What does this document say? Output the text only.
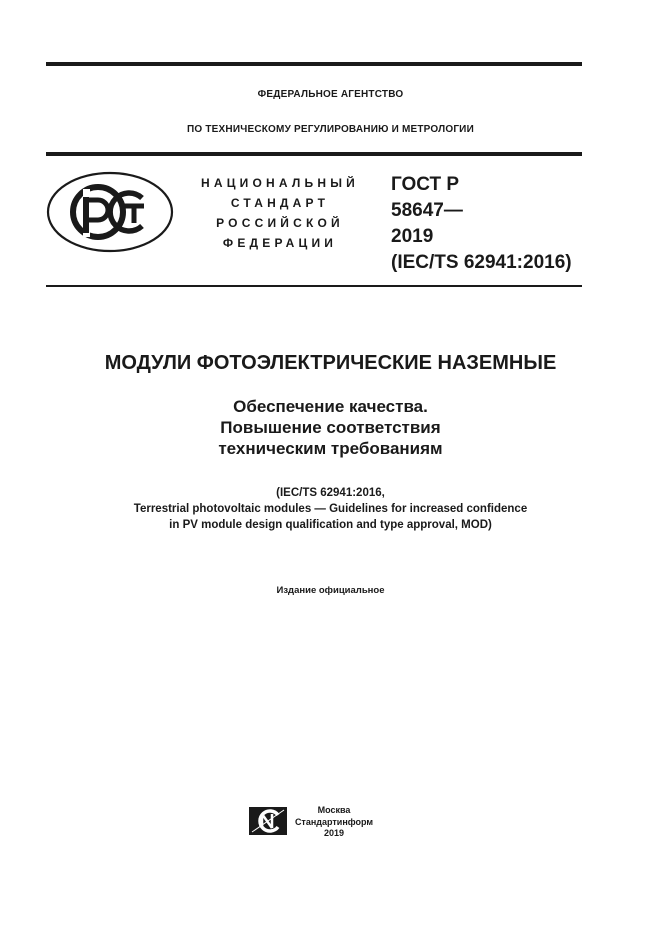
ФЕДЕРАЛЬНОЕ АГЕНТСТВО
ПО ТЕХНИЧЕСКОМУ РЕГУЛИРОВАНИЮ И МЕТРОЛОГИИ
НАЦИОНАЛЬНЫЙ
СТАНДАРТ
РОССИЙСКОЙ
ФЕДЕРАЦИИ
ГОСТ Р
58647—
2019
(IEC/TS 62941:2016)
МОДУЛИ ФОТОЭЛЕКТРИЧЕСКИЕ НАЗЕМНЫЕ
Обеспечение качества.
Повышение соответствия
техническим требованиям
(IEC/TS 62941:2016,
Terrestrial photovoltaic modules — Guidelines for increased confidence
in PV module design qualification and type approval, MOD)
Издание официальное
Москва
Стандартинформ
2019
